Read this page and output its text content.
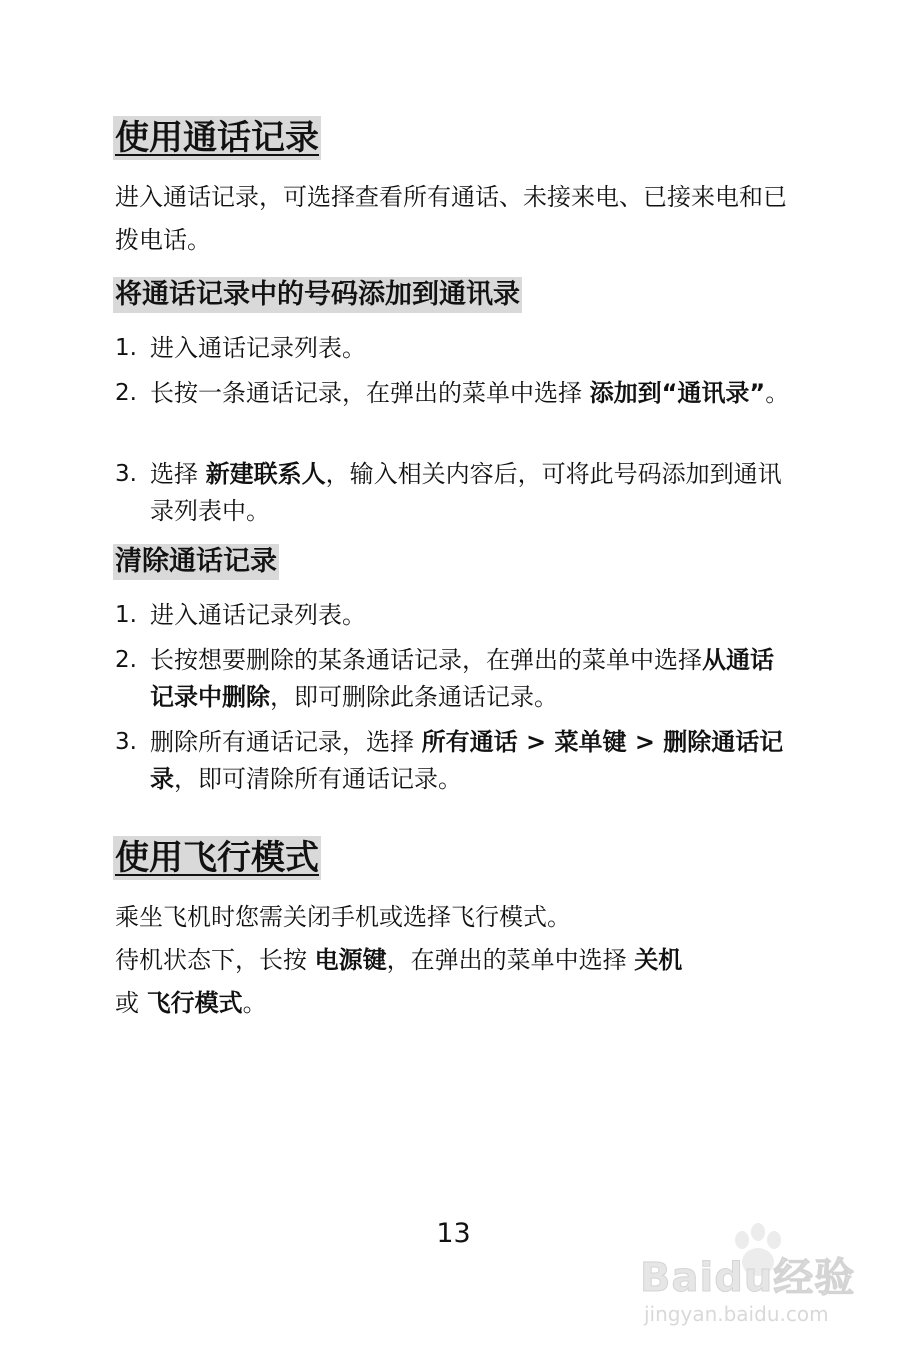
使用通话记录
进入通话记录，可选择查看所有通话、未接来电、已接来电和已拨电话。
将通话记录中的号码添加到通讯录
1. 进入通话记录列表。
2. 长按一条通话记录，在弹出的菜单中选择 添加到“通讯录”。
3. 选择 新建联系人，输入相关内容后，可将此号码添加到通讯录列表中。
清除通话记录
1. 进入通话记录列表。
2. 长按想要删除的某条通话记录，在弹出的菜单中选择从通话记录中删除，即可删除此条通话记录。
3. 删除所有通话记录，选择 所有通话 > 菜单键 > 删除通话记录，即可清除所有通话记录。
使用飞行模式
乘坐飞机时您需关闭手机或选择飞行模式。
待机状态下，长按 电源键，在弹出的菜单中选择 关机
或 飞行模式。
13
Baidu经验
jingyan.baidu.com
